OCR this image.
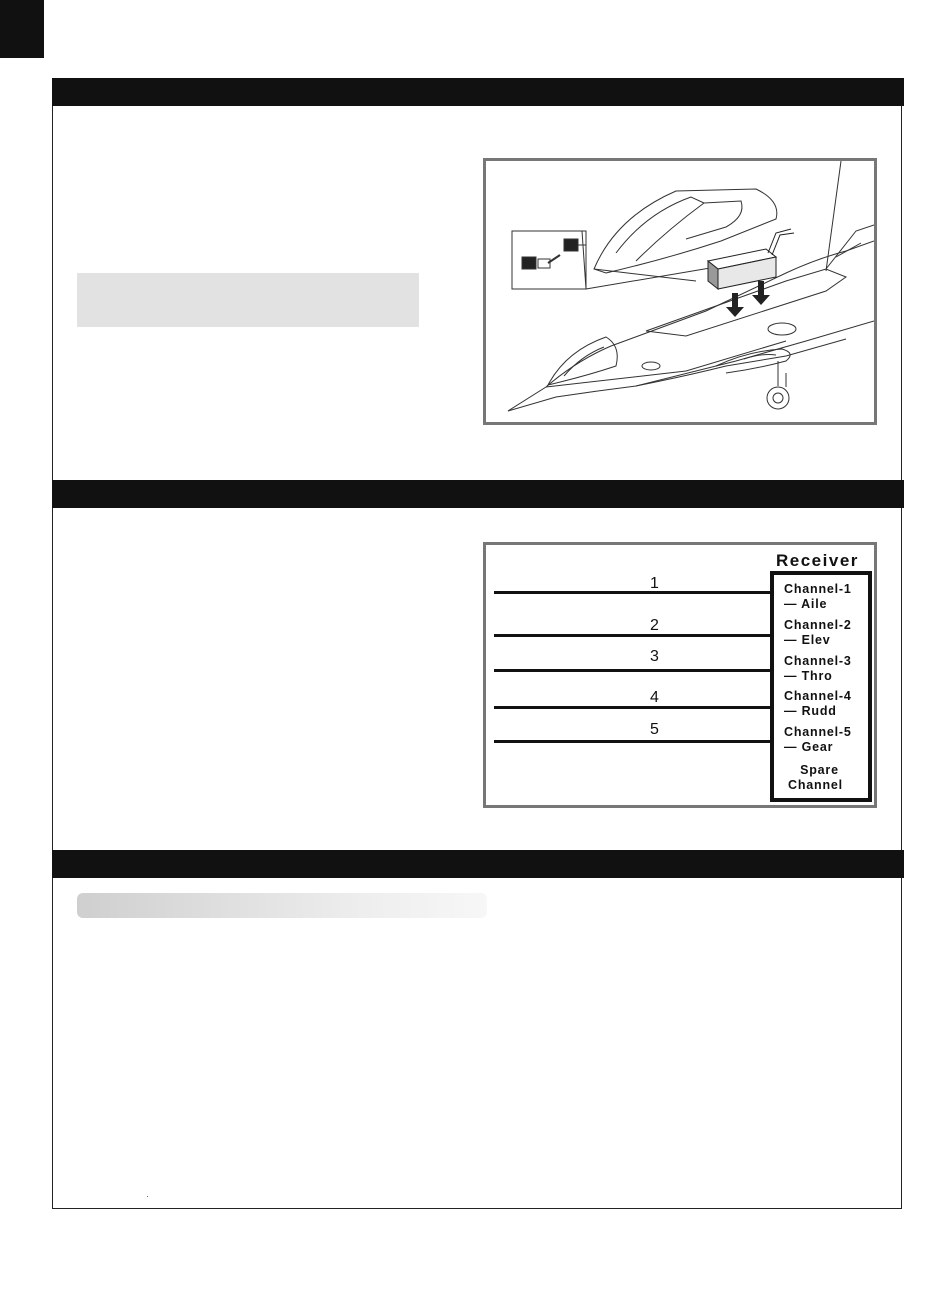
Receiver
1
2
3
4
5
Channel-1
— Aile
Channel-2
— Elev
Channel-3
— Thro
Channel-4
— Rudd
Channel-5
— Gear
Spare
Channel
